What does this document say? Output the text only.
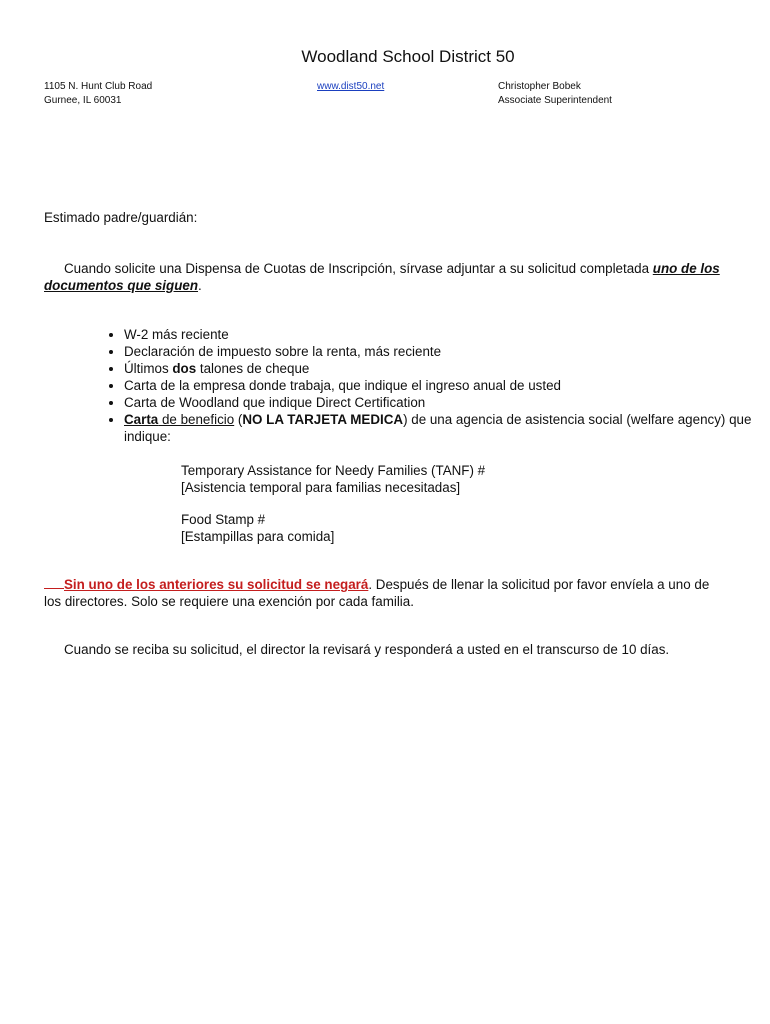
Woodland School District 50
1105 N. Hunt Club Road
Gurnee, IL 60031
www.dist50.net	Christopher Bobek
Associate Superintendent
Estimado padre/guardián:
Cuando solicite una Dispensa de Cuotas de Inscripción, sírvase adjuntar a su solicitud completada uno de los documentos que siguen.
• W-2 más reciente
• Declaración de impuesto sobre la renta, más reciente
• Últimos dos talones de cheque
• Carta de la empresa donde trabaja, que indique el ingreso anual de usted
• Carta de Woodland que indique Direct Certification
• Carta de beneficio (NO LA TARJETA MEDICA) de una agencia de asistencia social (welfare agency) que indique:
Temporary Assistance for Needy Families (TANF) #
[Asistencia temporal para familias necesitadas]
Food Stamp #
[Estampillas para comida]
Sin uno de los anteriores su solicitud se negará. Después de llenar la solicitud por favor envíela a uno de los directores. Solo se requiere una exención por cada familia.
Cuando se reciba su solicitud, el director la revisará y responderá a usted en el transcurso de 10 días.
